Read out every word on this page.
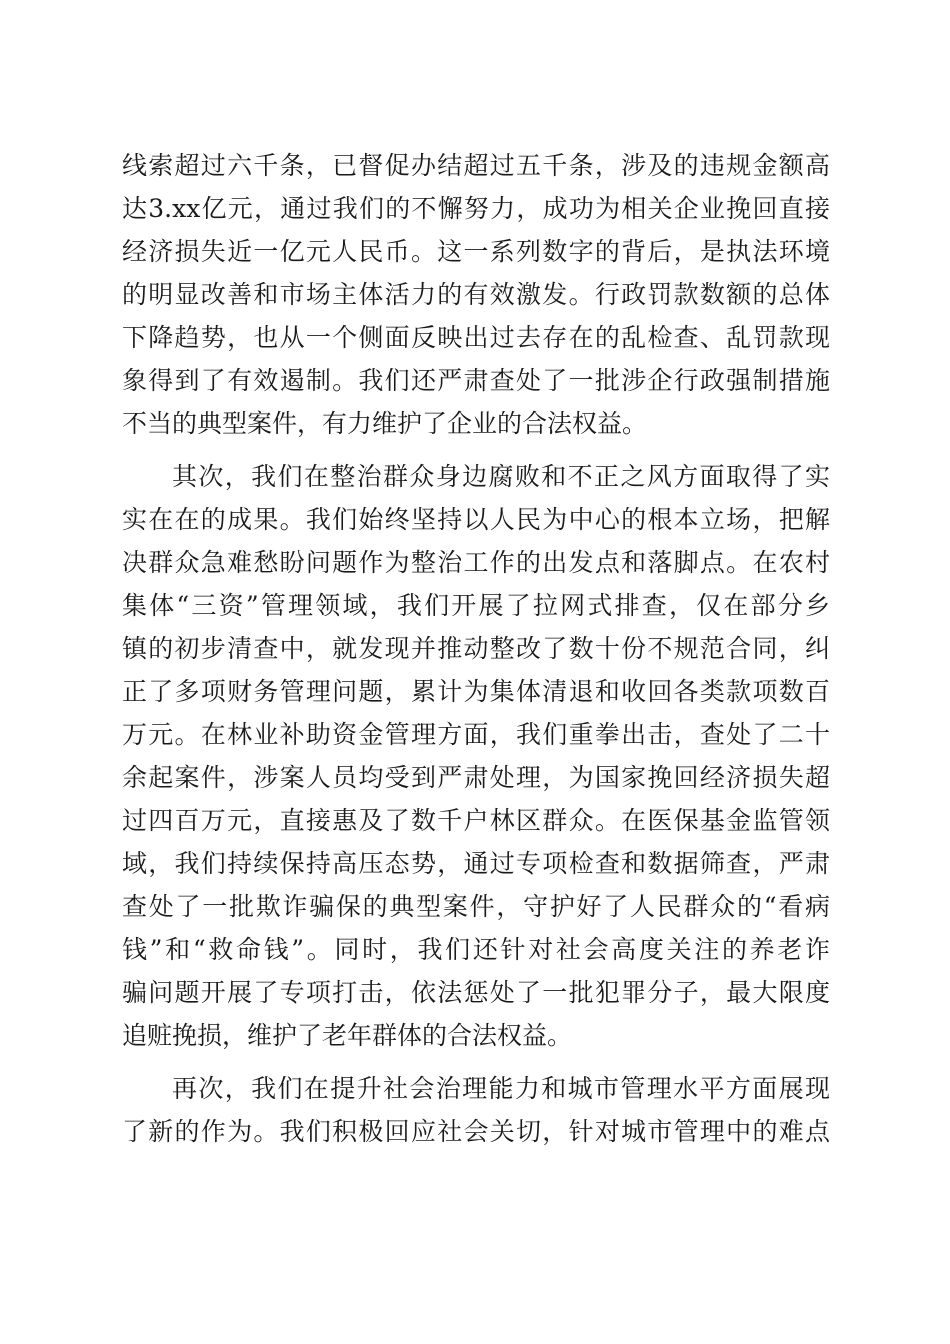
线索超过六千条，已督促办结超过五千条，涉及的违规金额高
达3.xx亿元，通过我们的不懈努力，成功为相关企业挽回直接
经济损失近一亿元人民币。这一系列数字的背后，是执法环境
的明显改善和市场主体活力的有效激发。行政罚款数额的总体
下降趋势，也从一个侧面反映出过去存在的乱检查、乱罚款现
象得到了有效遏制。我们还严肃查处了一批涉企行政强制措施
不当的典型案件，有力维护了企业的合法权益。
其次，我们在整治群众身边腐败和不正之风方面取得了实
实在在的成果。我们始终坚持以人民为中心的根本立场，把解
决群众急难愁盼问题作为整治工作的出发点和落脚点。在农村
集体“三资”管理领域，我们开展了拉网式排查，仅在部分乡
镇的初步清查中，就发现并推动整改了数十份不规范合同，纠
正了多项财务管理问题，累计为集体清退和收回各类款项数百
万元。在林业补助资金管理方面，我们重拳出击，查处了二十
余起案件，涉案人员均受到严肃处理，为国家挽回经济损失超
过四百万元，直接惠及了数千户林区群众。在医保基金监管领
域，我们持续保持高压态势，通过专项检查和数据筛查，严肃
查处了一批欺诈骗保的典型案件，守护好了人民群众的“看病
钱”和“救命钱”。同时，我们还针对社会高度关注的养老诈
骗问题开展了专项打击，依法惩处了一批犯罪分子，最大限度
追赃挽损，维护了老年群体的合法权益。
再次，我们在提升社会治理能力和城市管理水平方面展现
了新的作为。我们积极回应社会关切，针对城市管理中的难点
